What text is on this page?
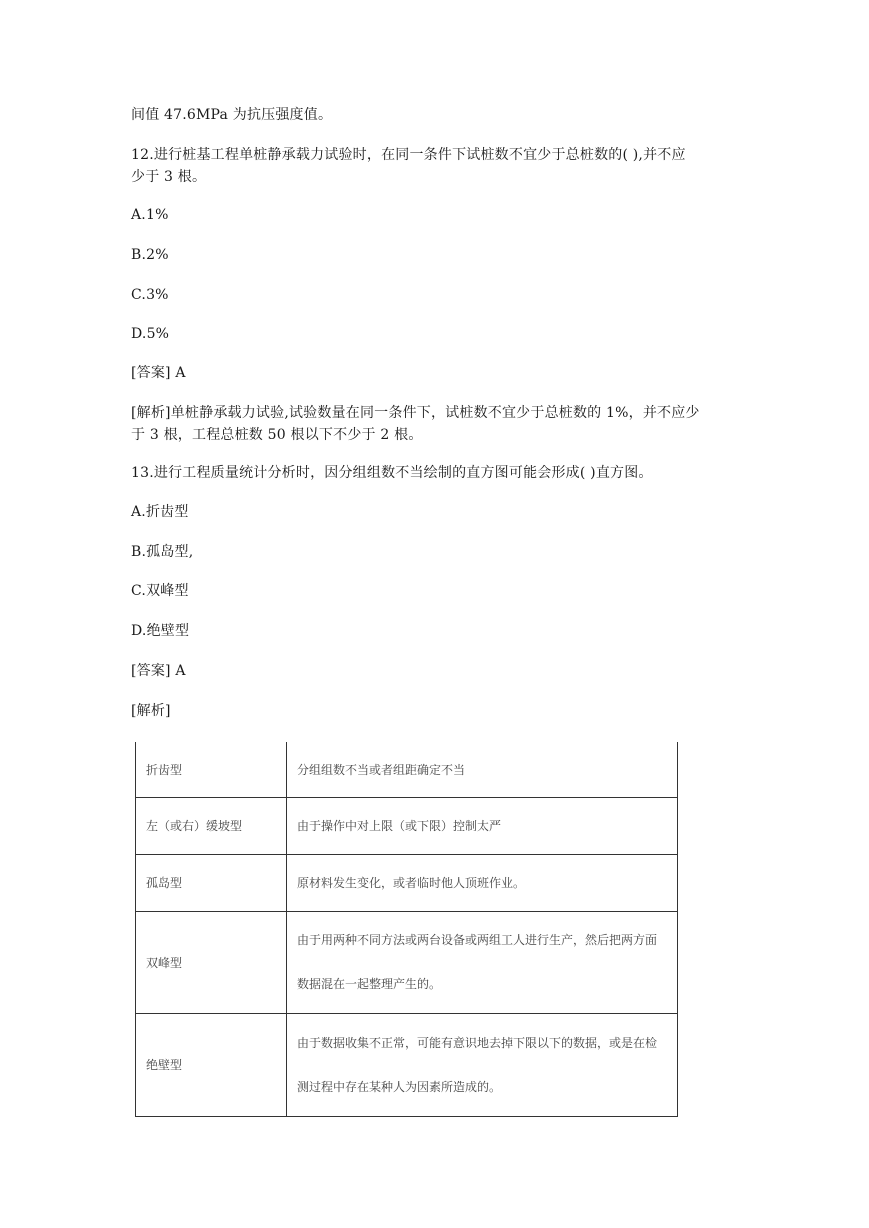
间值 47.6MPa 为抗压强度值。
12.进行桩基工程单桩静承载力试验时，在同一条件下试桩数不宜少于总桩数的( ),并不应
少于 3 根。
A.1%
B.2%
C.3%
D.5%
[答案] A
[解析]单桩静承载力试验,试验数量在同一条件下，试桩数不宜少于总桩数的 1%，并不应少
于 3 根，工程总桩数 50 根以下不少于 2 根。
13.进行工程质量统计分析时，因分组组数不当绘制的直方图可能会形成( )直方图。
A.折齿型
B.孤岛型,
C.双峰型
D.绝壁型
[答案] A
[解析]
折齿型	分组组数不当或者组距确定不当
左（或右）缓坡型	由于操作中对上限（或下限）控制太严
孤岛型	原材料发生变化，或者临时他人顶班作业。
双峰型	由于用两种不同方法或两台设备或两组工人进行生产，然后把两方面数据混在一起整理产生的。
绝壁型	由于数据收集不正常，可能有意识地去掉下限以下的数据，或是在检测过程中存在某种人为因素所造成的。
